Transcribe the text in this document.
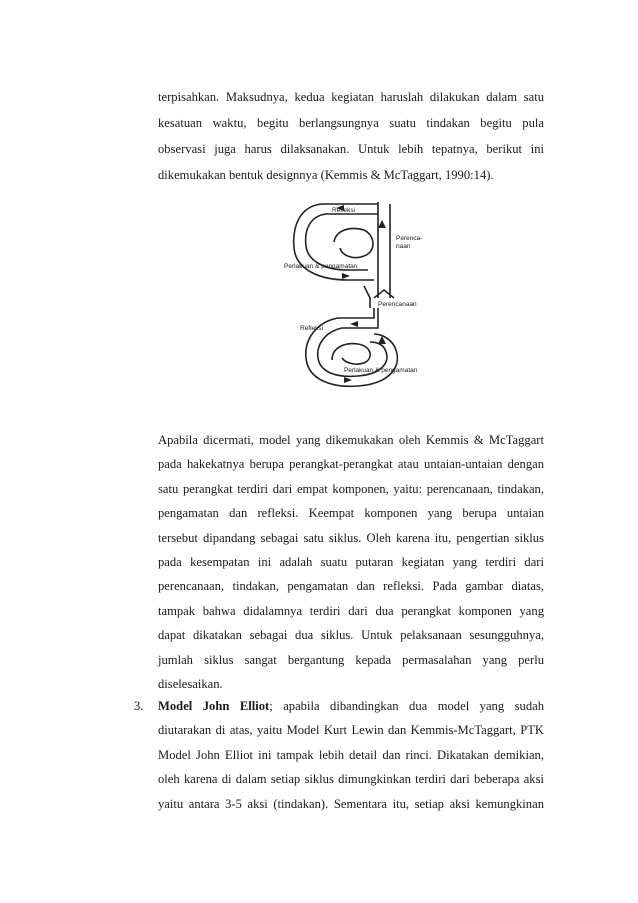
terpisahkan. Maksudnya, kedua kegiatan haruslah dilakukan dalam satu
kesatuan waktu, begitu berlangsungnya suatu tindakan begitu pula
observasi juga harus dilaksanakan. Untuk lebih tepatnya, berikut ini
dikemukakan bentuk designnya (Kemmis & McTaggart, 1990:14).
Refleksi
Perenca-
naan
Perlakuan & pengamatan
Perencanaan
Refleksi
Perlakuan & pengamatan
Apabila dicermati, model yang dikemukakan oleh Kemmis & McTaggart
pada hakekatnya berupa perangkat-perangkat atau untaian-untaian dengan
satu perangkat terdiri dari empat komponen, yaitu: perencanaan, tindakan,
pengamatan dan refleksi. Keempat komponen yang berupa untaian
tersebut dipandang sebagai satu siklus. Oleh karena itu, pengertian siklus
pada kesempatan ini adalah suatu putaran kegiatan yang terdiri dari
perencanaan, tindakan, pengamatan dan refleksi. Pada gambar diatas,
tampak bahwa didalamnya terdiri dari dua perangkat komponen yang
dapat dikatakan sebagai dua siklus. Untuk pelaksanaan sesungguhnya,
jumlah siklus sangat bergantung kepada permasalahan yang perlu
diselesaikan.
3. Model John Elliot; apabila dibandingkan dua model yang sudah
diutarakan di atas, yaitu Model Kurt Lewin dan Kemmis-McTaggart, PTK
Model John Elliot ini tampak lebih detail dan rinci. Dikatakan demikian,
oleh karena di dalam setiap siklus dimungkinkan terdiri dari beberapa aksi
yaitu antara 3-5 aksi (tindakan). Sementara itu, setiap aksi kemungkinan
